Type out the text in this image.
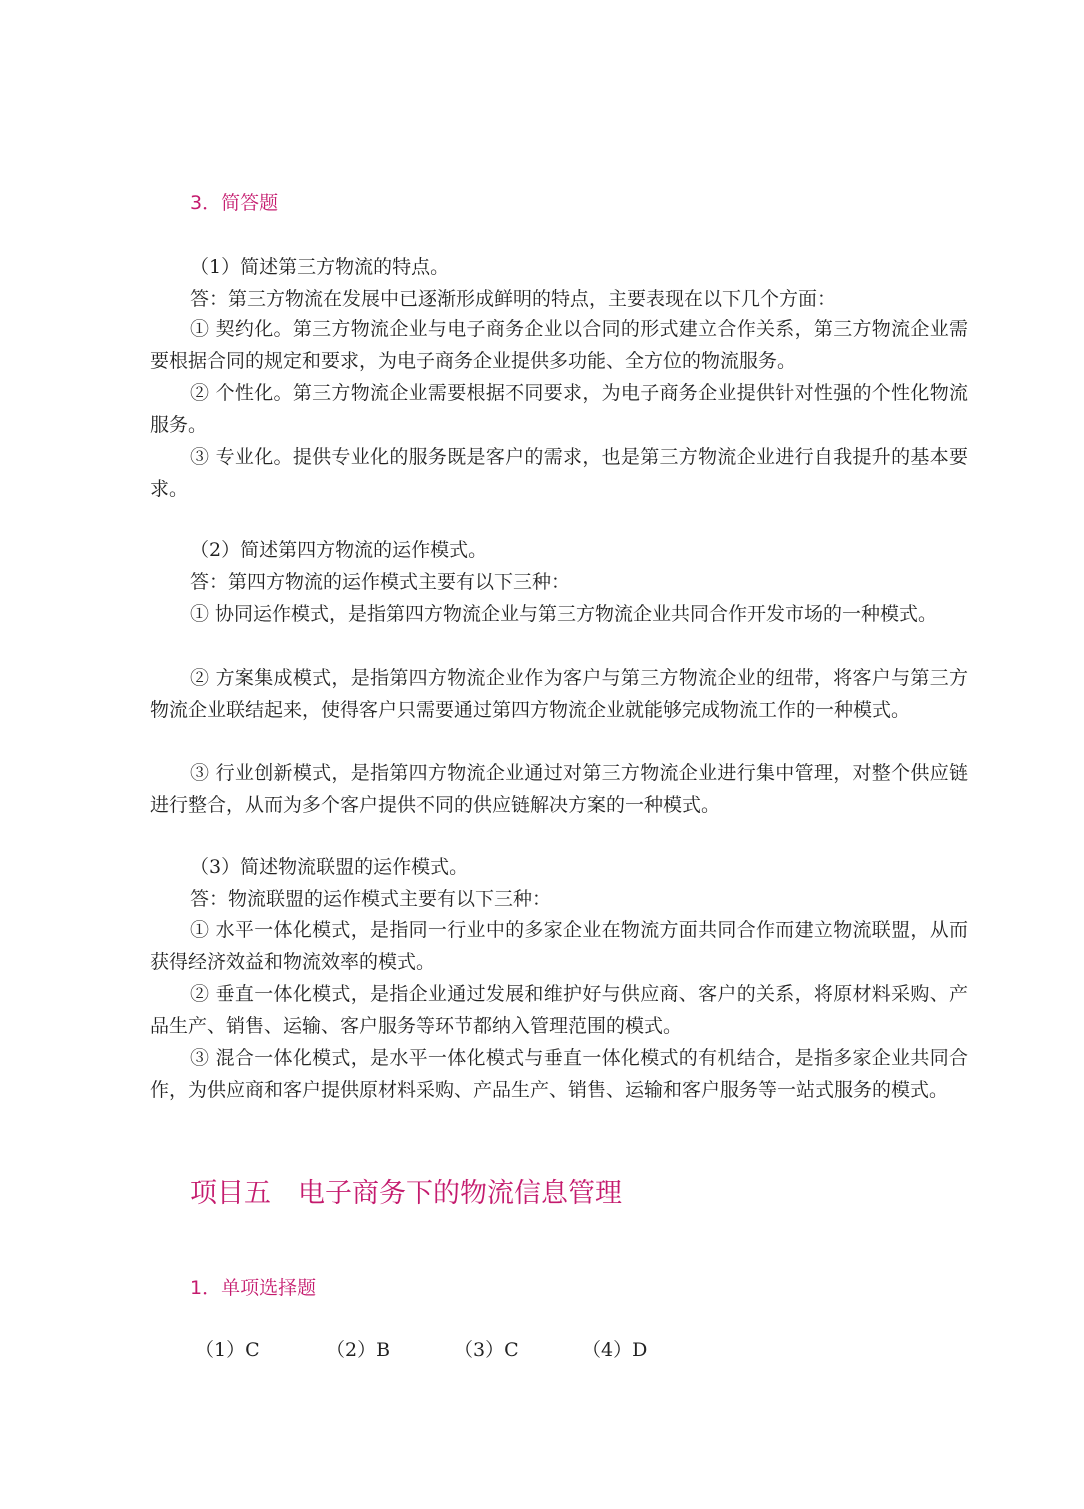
3．简答题
（1）简述第三方物流的特点。

答：第三方物流在发展中已逐渐形成鲜明的特点，主要表现在以下几个方面：

① 契约化。第三方物流企业与电子商务企业以合同的形式建立合作关系，第三方物流企业需要根据合同的规定和要求，为电子商务企业提供多功能、全方位的物流服务。

② 个性化。第三方物流企业需要根据不同要求，为电子商务企业提供针对性强的个性化物流服务。

③ 专业化。提供专业化的服务既是客户的需求，也是第三方物流企业进行自我提升的基本要求。

（2）简述第四方物流的运作模式。

答：第四方物流的运作模式主要有以下三种：

① 协同运作模式，是指第四方物流企业与第三方物流企业共同合作开发市场的一种模式。

② 方案集成模式，是指第四方物流企业作为客户与第三方物流企业的纽带，将客户与第三方物流企业联结起来，使得客户只需要通过第四方物流企业就能够完成物流工作的一种模式。

③ 行业创新模式，是指第四方物流企业通过对第三方物流企业进行集中管理，对整个供应链进行整合，从而为多个客户提供不同的供应链解决方案的一种模式。

（3）简述物流联盟的运作模式。

答：物流联盟的运作模式主要有以下三种：

① 水平一体化模式，是指同一行业中的多家企业在物流方面共同合作而建立物流联盟，从而获得经济效益和物流效率的模式。

② 垂直一体化模式，是指企业通过发展和维护好与供应商、客户的关系，将原材料采购、产品生产、销售、运输、客户服务等环节都纳入管理范围的模式。

③ 混合一体化模式，是水平一体化模式与垂直一体化模式的有机结合，是指多家企业共同合作，为供应商和客户提供原材料采购、产品生产、销售、运输和客户服务等一站式服务的模式。

项目五　电子商务下的物流信息管理
1．单项选择题
（1）C	（2）B	（3）C	（4）D
